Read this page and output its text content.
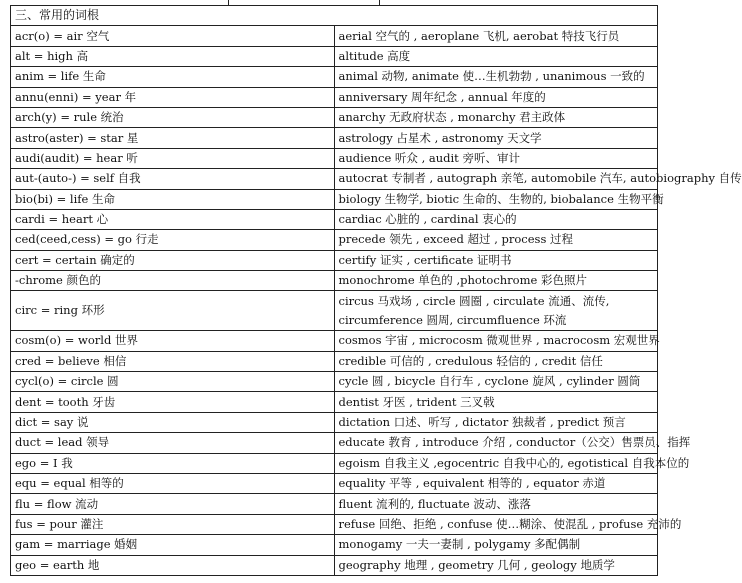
三、常用的词根	
acr(o) = air 空气	aerial 空气的 , aeroplane 飞机, aerobat 特技飞行员
alt = high 高	altitude 高度
anim = life 生命	animal 动物, animate 使…生机勃勃 , unanimous 一致的
annu(enni) = year 年	anniversary 周年纪念 , annual 年度的
arch(y) = rule 统治	anarchy 无政府状态 , monarchy 君主政体
astro(aster) = star 星	astrology 占星术 , astronomy 天文学
audi(audit) = hear 听	audience 听众 , audit 旁听、审计
aut-(auto-) = self 自我	autocrat 专制者 , autograph 亲笔, automobile 汽车, autobiography 自传
bio(bi) = life 生命	biology 生物学, biotic 生命的、生物的, biobalance 生物平衡
cardi = heart 心	cardiac 心脏的 , cardinal 衷心的
ced(ceed,cess) = go 行走	precede 领先 , exceed 超过 , process 过程
cert = certain 确定的	certify 证实 , certificate 证明书
-chrome 颜色的	monochrome 单色的 ,photochrome 彩色照片
circ = ring 环形	circus 马戏场 , circle 圆圈 , circulate 流通、流传, circumference 圆周, circumfluence 环流
cosm(o) = world 世界	cosmos 宇宙 , microcosm 微观世界 , macrocosm 宏观世界
cred = believe 相信	credible 可信的 , credulous 轻信的 , credit 信任
cycl(o) = circle 圆	cycle 圆 , bicycle 自行车 , cyclone 旋风 , cylinder 圆筒
dent = tooth 牙齿	dentist 牙医 , trident 三叉戟
dict = say 说	dictation 口述、听写 , dictator 独裁者 , predict 预言
duct = lead 领导	educate 教育 , introduce 介绍 , conductor（公交）售票员、指挥
ego = I 我	egoism 自我主义 ,egocentric 自我中心的, egotistical 自我本位的
equ = equal 相等的	equality 平等 , equivalent 相等的 , equator 赤道
flu = flow 流动	fluent 流利的, fluctuate 波动、涨落
fus = pour 灌注	refuse 回绝、拒绝 , confuse 使…糊涂、使混乱 , profuse 充沛的
gam = marriage 婚姻	monogamy 一夫一妻制 , polygamy 多配偶制
geo = earth 地	geography 地理 , geometry 几何 , geology 地质学
